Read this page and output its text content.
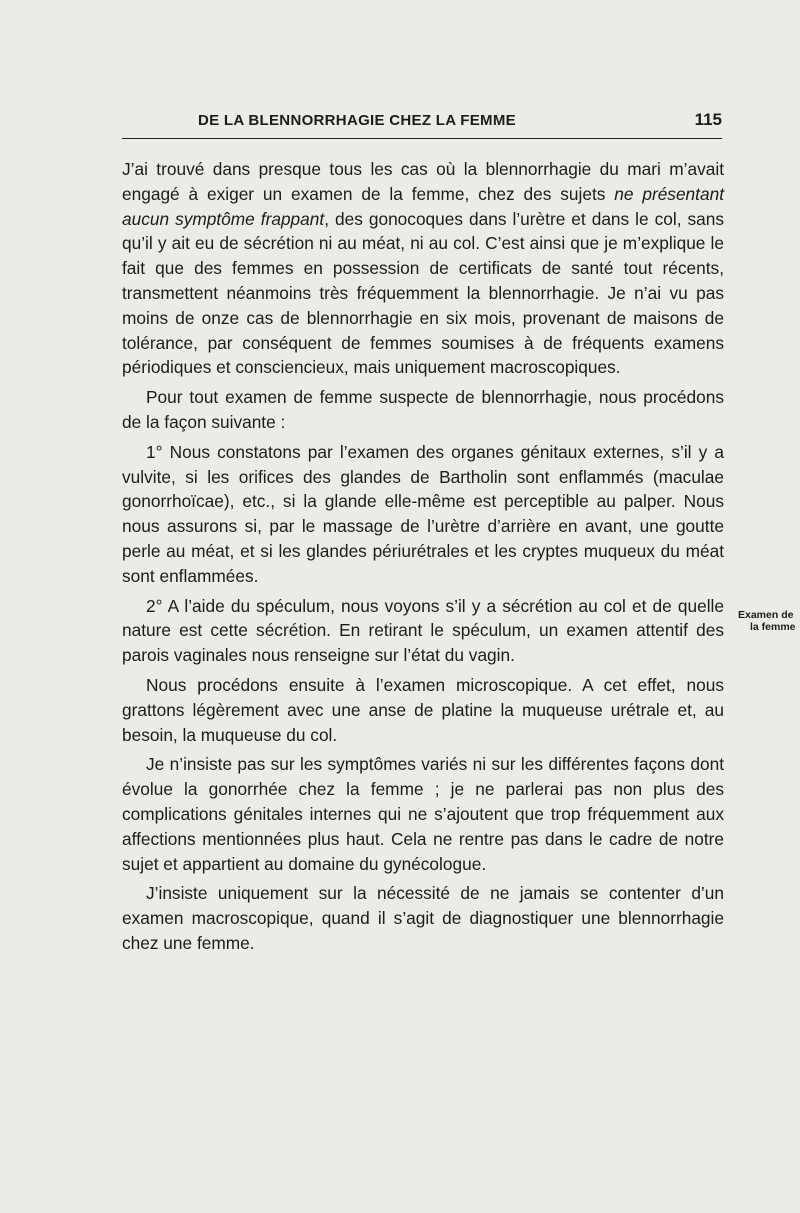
DE LA BLENNORRHAGIE CHEZ LA FEMME	115

J’ai trouvé dans presque tous les cas où la blennorrhagie du mari m’avait engagé à exiger un examen de la femme, chez des sujets ne présentant aucun symptôme frappant, des gonocoques dans l’urètre et dans le col, sans qu’il y ait eu de sécrétion ni au méat, ni au col. C’est ainsi que je m’explique le fait que des femmes en possession de certificats de santé tout récents, transmettent néanmoins très fréquemment la blennorrhagie. Je n’ai vu pas moins de onze cas de blennorrhagie en six mois, provenant de maisons de tolérance, par conséquent de femmes soumises à de fréquents examens périodiques et consciencieux, mais uniquement macroscopiques.

Pour tout examen de femme suspecte de blennorrhagie, nous procédons de la façon suivante :

1° Nous constatons par l’examen des organes génitaux externes, s’il y a vulvite, si les orifices des glandes de Bartholin sont enflammés (maculae gonorrhoïcae), etc., si la glande elle-même est perceptible au palper. Nous nous assurons si, par le massage de l’urètre d’arrière en avant, une goutte perle au méat, et si les glandes périurétrales et les cryptes muqueux du méat sont enflammées.

2° A l’aide du spéculum, nous voyons s’il y a sécrétion au col et de quelle nature est cette sécrétion. En retirant le spéculum, un examen attentif des parois vaginales nous renseigne sur l’état du vagin.

Nous procédons ensuite à l’examen microscopique. A cet effet, nous grattons légèrement avec une anse de platine la muqueuse urétrale et, au besoin, la muqueuse du col.

Je n’insiste pas sur les symptômes variés ni sur les différentes façons dont évolue la gonorrhée chez la femme ; je ne parlerai pas non plus des complications génitales internes qui ne s’ajoutent que trop fréquemment aux affections mentionnées plus haut. Cela ne rentre pas dans le cadre de notre sujet et appartient au domaine du gynécologue.

J’insiste uniquement sur la nécessité de ne jamais se contenter d’un examen macroscopique, quand il s’agit de diagnostiquer une blennorrhagie chez une femme.

Examen de
la femme
